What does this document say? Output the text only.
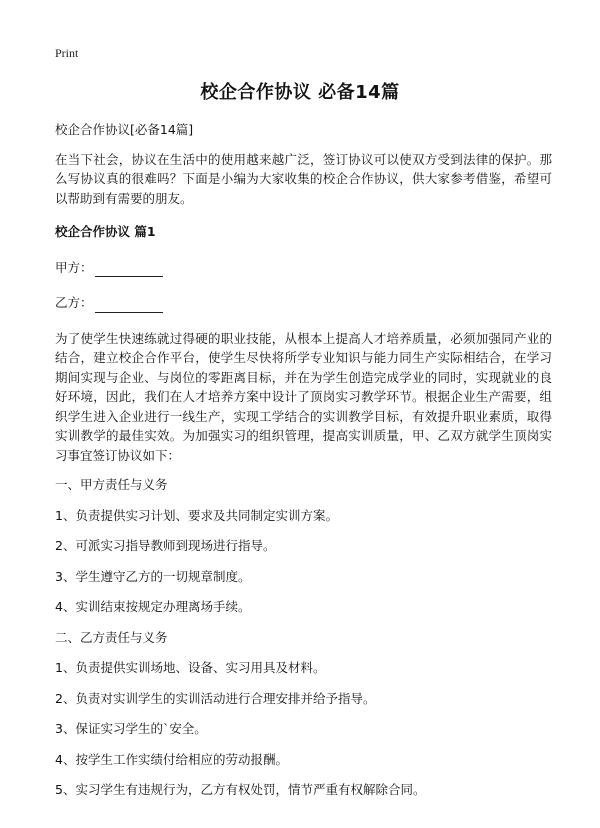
Print
校企合作协议 必备14篇

校企合作协议[必备14篇]

在当下社会，协议在生活中的使用越来越广泛，签订协议可以使双方受到法律的保护。那么写协议真的很难吗？下面是小编为大家收集的校企合作协议，供大家参考借鉴，希望可以帮助到有需要的朋友。

校企合作协议 篇1

甲方：

乙方：

为了使学生快速练就过得硬的职业技能，从根本上提高人才培养质量，必须加强同产业的结合，建立校企合作平台，使学生尽快将所学专业知识与能力同生产实际相结合，在学习期间实现与企业、与岗位的零距离目标，并在为学生创造完成学业的同时，实现就业的良好环境，因此，我们在人才培养方案中设计了顶岗实习教学环节。根据企业生产需要，组织学生进入企业进行一线生产，实现工学结合的实训教学目标，有效提升职业素质，取得实训教学的最佳实效。为加强实习的组织管理，提高实训质量，甲、乙双方就学生顶岗实习事宜签订协议如下：

一、甲方责任与义务

1、负责提供实习计划、要求及共同制定实训方案。

2、可派实习指导教师到现场进行指导。

3、学生遵守乙方的一切规章制度。

4、实训结束按规定办理离场手续。

二、乙方责任与义务

1、负责提供实训场地、设备、实习用具及材料。

2、负责对实训学生的实训活动进行合理安排并给予指导。

3、保证实习学生的`安全。

4、按学生工作实绩付给相应的劳动报酬。

5、实习学生有违规行为，乙方有权处罚，情节严重有权解除合同。
